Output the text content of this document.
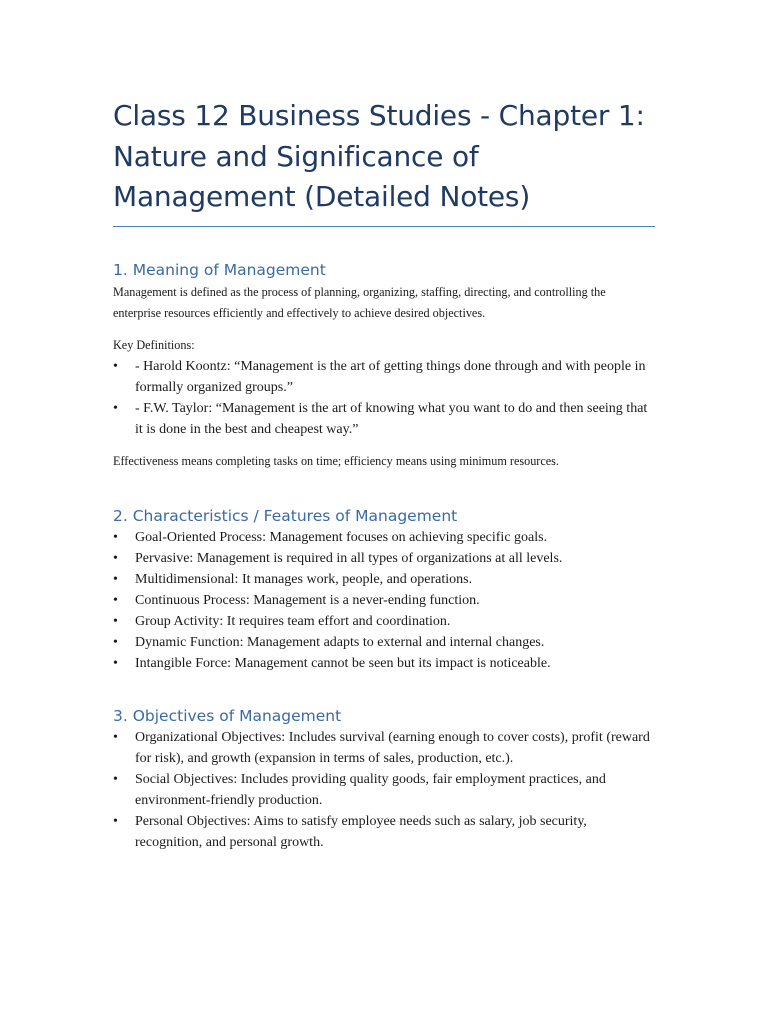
Class 12 Business Studies - Chapter 1: Nature and Significance of Management (Detailed Notes)
1. Meaning of Management

Management is defined as the process of planning, organizing, staffing, directing, and controlling the enterprise resources efficiently and effectively to achieve desired objectives.

Key Definitions:

• - Harold Koontz: “Management is the art of getting things done through and with people in formally organized groups.”
• - F.W. Taylor: “Management is the art of knowing what you want to do and then seeing that it is done in the best and cheapest way.”

Effectiveness means completing tasks on time; efficiency means using minimum resources.

2. Characteristics / Features of Management
• Goal-Oriented Process: Management focuses on achieving specific goals.
• Pervasive: Management is required in all types of organizations at all levels.
• Multidimensional: It manages work, people, and operations.
• Continuous Process: Management is a never-ending function.
• Group Activity: It requires team effort and coordination.
• Dynamic Function: Management adapts to external and internal changes.
• Intangible Force: Management cannot be seen but its impact is noticeable.
3. Objectives of Management
• Organizational Objectives: Includes survival (earning enough to cover costs), profit (reward for risk), and growth (expansion in terms of sales, production, etc.).
• Social Objectives: Includes providing quality goods, fair employment practices, and environment-friendly production.
• Personal Objectives: Aims to satisfy employee needs such as salary, job security, recognition, and personal growth.
